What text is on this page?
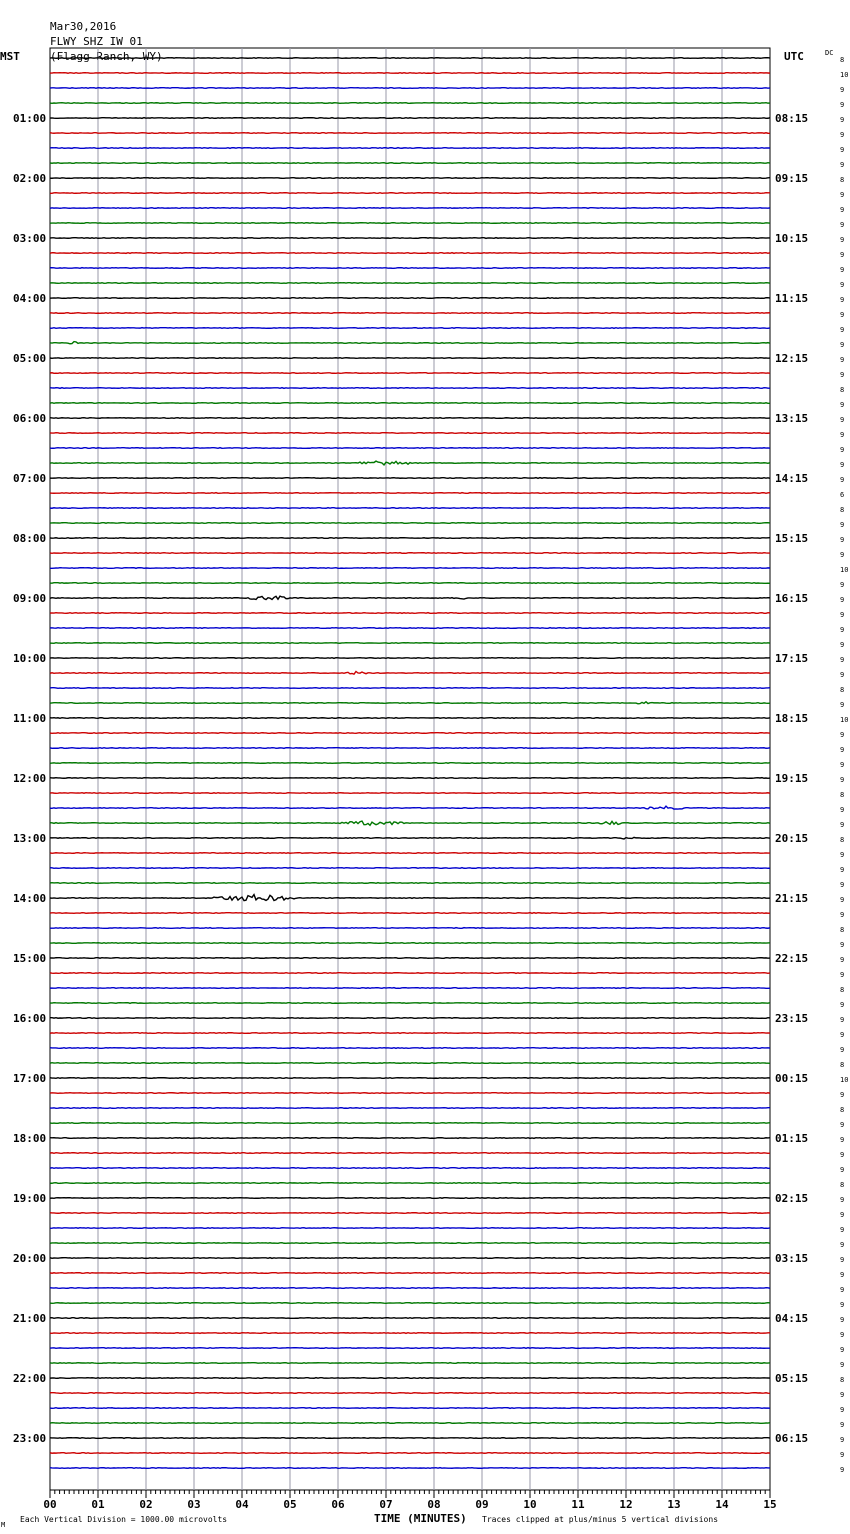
Mar30,2016
FLWY SHZ IW 01
(Flagg Ranch, WY)

MST	UTC	DC
8
10
9
9
9
9
9
9
8
9
9
9
9
9
9
9
9
9
9
9
9
9
8
9
9
9
9
9
9
6
8
9
9
9
10
9
9
9
9
9
9
9
8
9
10
9
9
9
9
8
9
9
8
9
9
9
9
9
8
9
9
9
8
9
9
9
9
8
10
9
8
9
9
9
9
8
9
9
9
9
9
9
9
9
9
9
9
9
8
9
9
9
9
9
9
01:00
02:00
03:00
04:00
05:00
06:00
07:00
08:00
09:00
10:00
11:00
12:00
13:00
14:00
15:00
16:00
17:00
18:00
19:00
20:00
21:00
22:00
23:00
08:15
09:15
10:15
11:15
12:15
13:15
14:15
15:15
16:15
17:15
18:15
19:15
20:15
21:15
22:15
23:15
00:15
01:15
02:15
03:15
04:15
05:15
06:15
00	01	02	03	04	05	06	07	08	09	10	11	12	13	14	15
M
Each Vertical Division = 1000.00 microvolts	TIME (MINUTES) Traces clipped at plus/minus 5 vertical divisions
